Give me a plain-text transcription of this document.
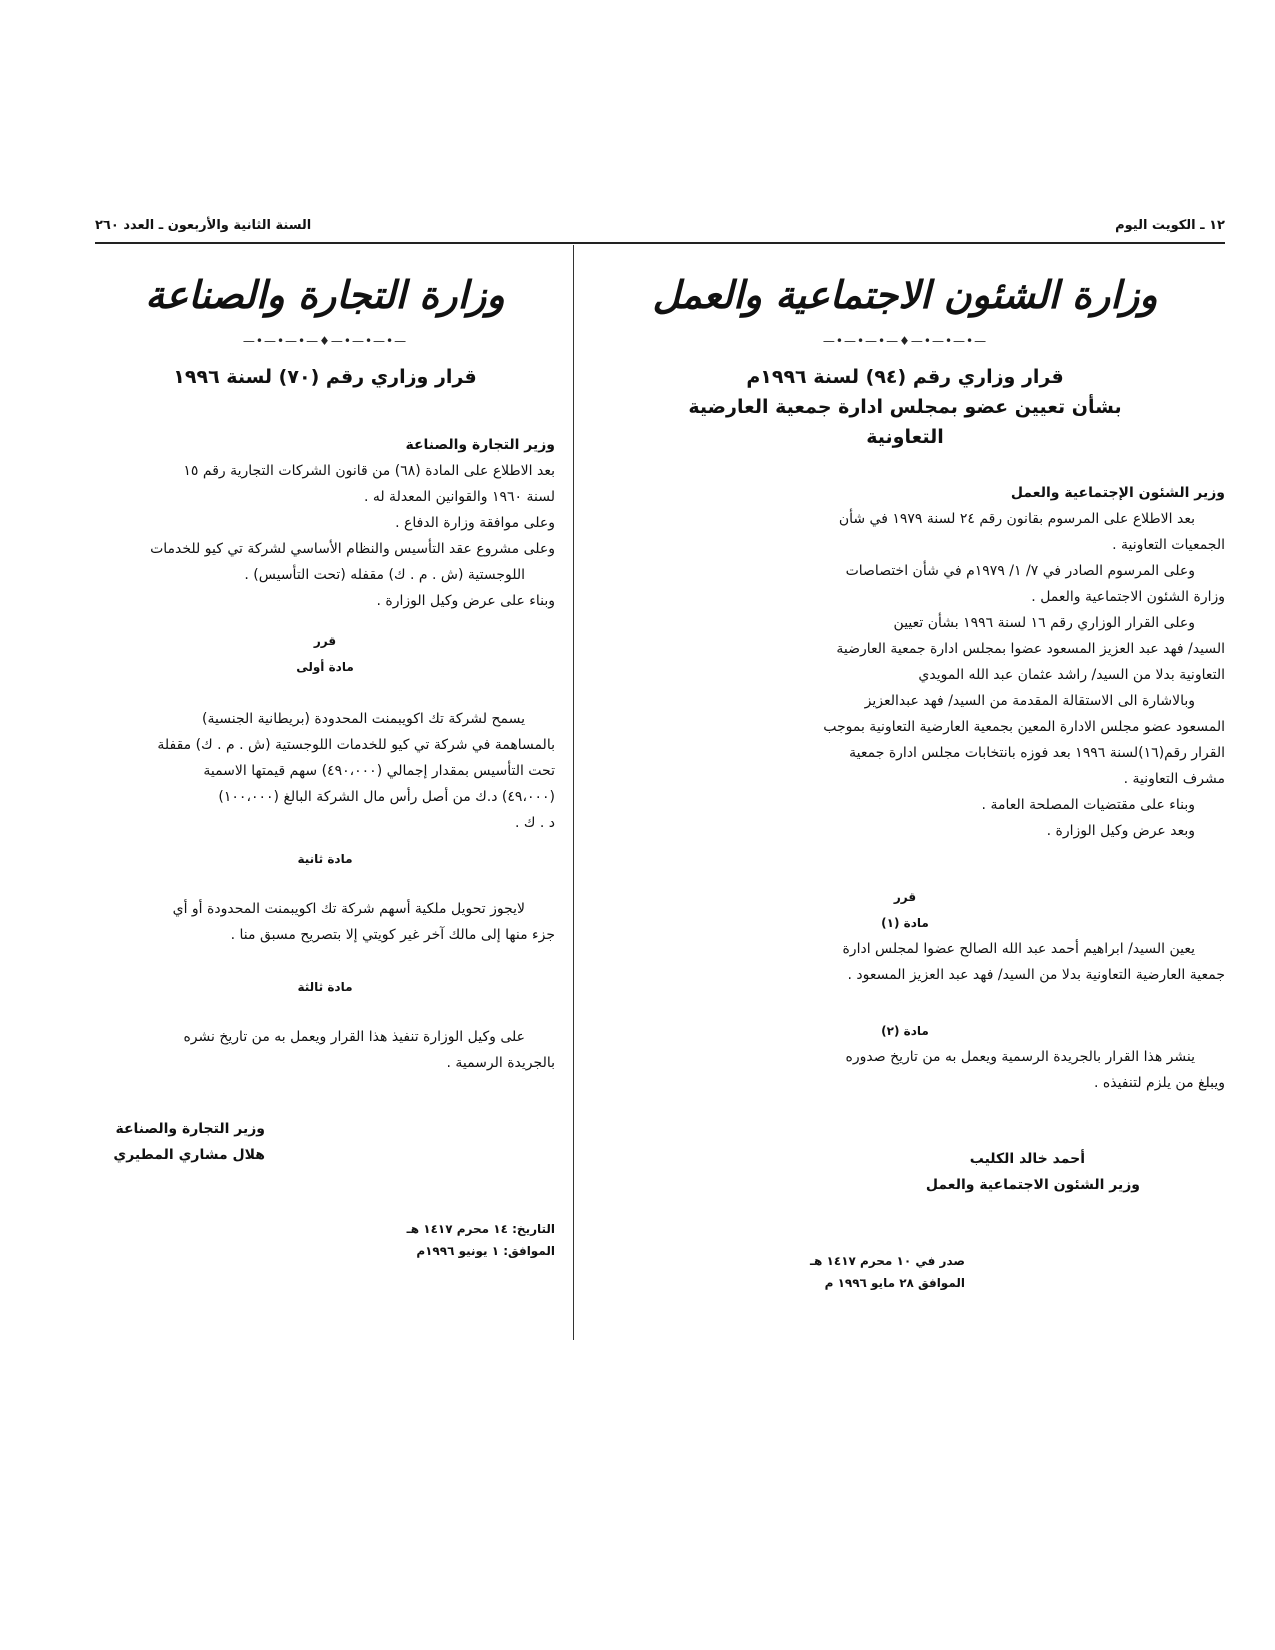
١٢ ـ الكويت اليوم
السنة الثانية والأربعون ـ العدد ٢٦٠
وزارة الشئون الاجتماعية والعمل
—•—•—•—♦—•—•—•—
قرار وزاري رقم (٩٤) لسنة ١٩٩٦م
بشأن تعيين عضو بمجلس ادارة جمعية العارضية
التعاونية
وزير الشئون الإجتماعية والعمل
بعد الاطلاع على المرسوم بقانون رقم ٢٤ لسنة ١٩٧٩ في شأن
الجمعيات التعاونية .
وعلى المرسوم الصادر في ٧/ ١/ ١٩٧٩م في شأن اختصاصات
وزارة الشئون الاجتماعية والعمل .
وعلى القرار الوزاري رقم ١٦ لسنة ١٩٩٦ بشأن تعيين
السيد/ فهد عبد العزيز المسعود عضوا بمجلس ادارة جمعية العارضية
التعاونية بدلا من السيد/ راشد عثمان عبد الله المويدي
وبالاشارة الى الاستقالة المقدمة من السيد/ فهد عبدالعزيز
المسعود عضو مجلس الادارة المعين بجمعية العارضية التعاونية بموجب
القرار رقم(١٦)لسنة ١٩٩٦ بعد فوزه بانتخابات مجلس ادارة جمعية
مشرف التعاونية .
وبناء على مقتضيات المصلحة العامة .
وبعد عرض وكيل الوزارة .
قرر
مادة (١)
يعين السيد/ ابراهيم أحمد عبد الله الصالح عضوا لمجلس ادارة
جمعية العارضية التعاونية بدلا من السيد/ فهد عبد العزيز المسعود .
مادة (٢)
ينشر هذا القرار بالجريدة الرسمية ويعمل به من تاريخ صدوره
ويبلغ من يلزم لتنفيذه .
أحمد خالد الكليب
وزير الشئون الاجتماعية والعمل
صدر في ١٠ محرم ١٤١٧ هـ
الموافق ٢٨ مايو ١٩٩٦ م
وزارة التجارة والصناعة
—•—•—•—♦—•—•—•—
قرار وزاري رقم (٧٠) لسنة ١٩٩٦
وزير التجارة والصناعة
بعد الاطلاع على المادة (٦٨) من قانون الشركات التجارية رقم ١٥
لسنة ١٩٦٠ والقوانين المعدلة له .
وعلى موافقة وزارة الدفاع .
وعلى مشروع عقد التأسيس والنظام الأساسي لشركة تي كيو للخدمات
اللوجستية (ش . م . ك) مقفله (تحت التأسيس) .
وبناء على عرض وكيل الوزارة .
قرر
مادة أولى
يسمح لشركة تك اكويبمنت المحدودة (بريطانية الجنسية)
بالمساهمة في شركة تي كيو للخدمات اللوجستية (ش . م . ك) مقفلة
تحت التأسيس بمقدار إجمالي (٤٩٠،٠٠٠) سهم قيمتها الاسمية
(٤٩،٠٠٠) د.ك من أصل رأس مال الشركة البالغ (١٠٠،٠٠٠)
د . ك .
مادة ثانية
لايجوز تحويل ملكية أسهم شركة تك اكويبمنت المحدودة أو أي
جزء منها إلى مالك آخر غير كويتي إلا بتصريح مسبق منا .
مادة ثالثة
على وكيل الوزارة تنفيذ هذا القرار ويعمل به من تاريخ نشره
بالجريدة الرسمية .
وزير التجارة والصناعة
هلال مشاري المطيري
التاريخ: ١٤ محرم ١٤١٧ هـ
الموافق: ١ يونيو ١٩٩٦م
